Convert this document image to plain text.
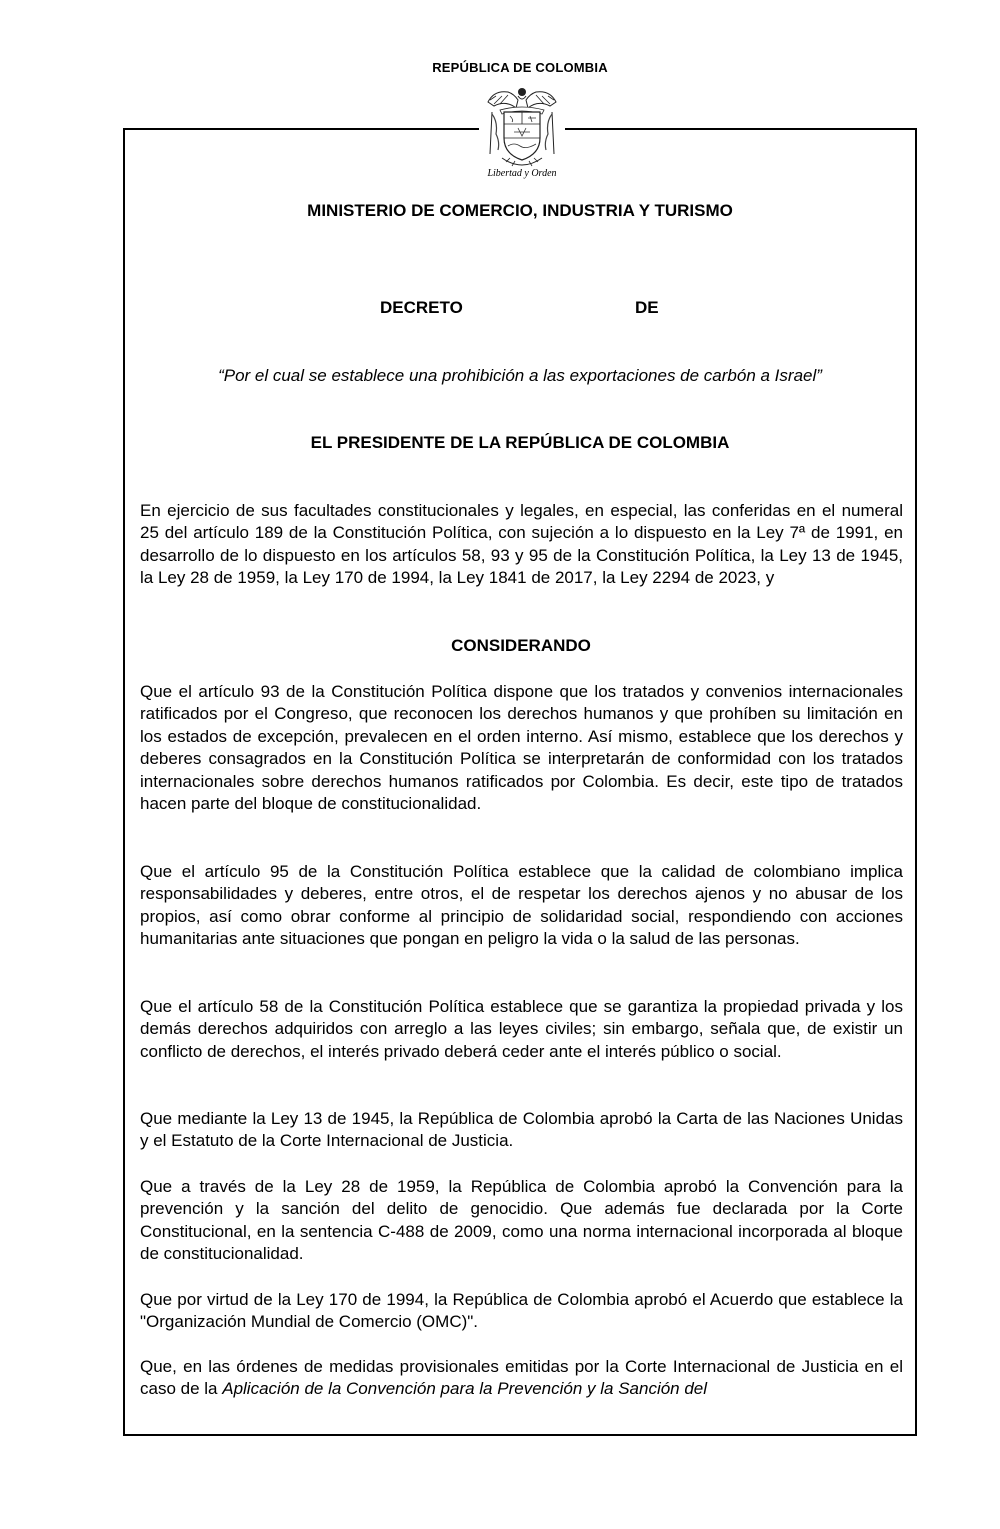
REPÚBLICA DE COLOMBIA
Libertad y Orden
MINISTERIO DE COMERCIO, INDUSTRIA Y TURISMO
DECRETO	DE
“Por el cual se establece una prohibición a las exportaciones de carbón a Israel”
EL PRESIDENTE DE LA REPÚBLICA DE COLOMBIA

En ejercicio de sus facultades constitucionales y legales, en especial, las conferidas en el numeral 25 del artículo 189 de la Constitución Política, con sujeción a lo dispuesto en la Ley 7ª de 1991, en desarrollo de lo dispuesto en los artículos 58, 93 y 95 de la Constitución Política, la Ley 13 de 1945, la Ley 28 de 1959, la Ley 170 de 1994, la Ley 1841 de 2017, la Ley 2294 de 2023, y

CONSIDERANDO

Que el artículo 93 de la Constitución Política dispone que los tratados y convenios internacionales ratificados por el Congreso, que reconocen los derechos humanos y que prohíben su limitación en los estados de excepción, prevalecen en el orden interno. Así mismo, establece que los derechos y deberes consagrados en la Constitución Política se interpretarán de conformidad con los tratados internacionales sobre derechos humanos ratificados por Colombia. Es decir, este tipo de tratados hacen parte del bloque de constitucionalidad.

Que el artículo 95 de la Constitución Política establece que la calidad de colombiano implica responsabilidades y deberes, entre otros, el de respetar los derechos ajenos y no abusar de los propios, así como obrar conforme al principio de solidaridad social, respondiendo con acciones humanitarias ante situaciones que pongan en peligro la vida o la salud de las personas.

Que el artículo 58 de la Constitución Política establece que se garantiza la propiedad privada y los demás derechos adquiridos con arreglo a las leyes civiles; sin embargo, señala que, de existir un conflicto de derechos, el interés privado deberá ceder ante el interés público o social.

Que mediante la Ley 13 de 1945, la República de Colombia aprobó la Carta de las Naciones Unidas y el Estatuto de la Corte Internacional de Justicia.

Que a través de la Ley 28 de 1959, la República de Colombia aprobó la Convención para la prevención y la sanción del delito de genocidio. Que además fue declarada por la Corte Constitucional, en la sentencia C-488 de 2009, como una norma internacional incorporada al bloque de constitucionalidad.

Que por virtud de la Ley 170 de 1994, la República de Colombia aprobó el Acuerdo que establece la "Organización Mundial de Comercio (OMC)".

Que, en las órdenes de medidas provisionales emitidas por la Corte Internacional de Justicia en el caso de la Aplicación de la Convención para la Prevención y la Sanción del
